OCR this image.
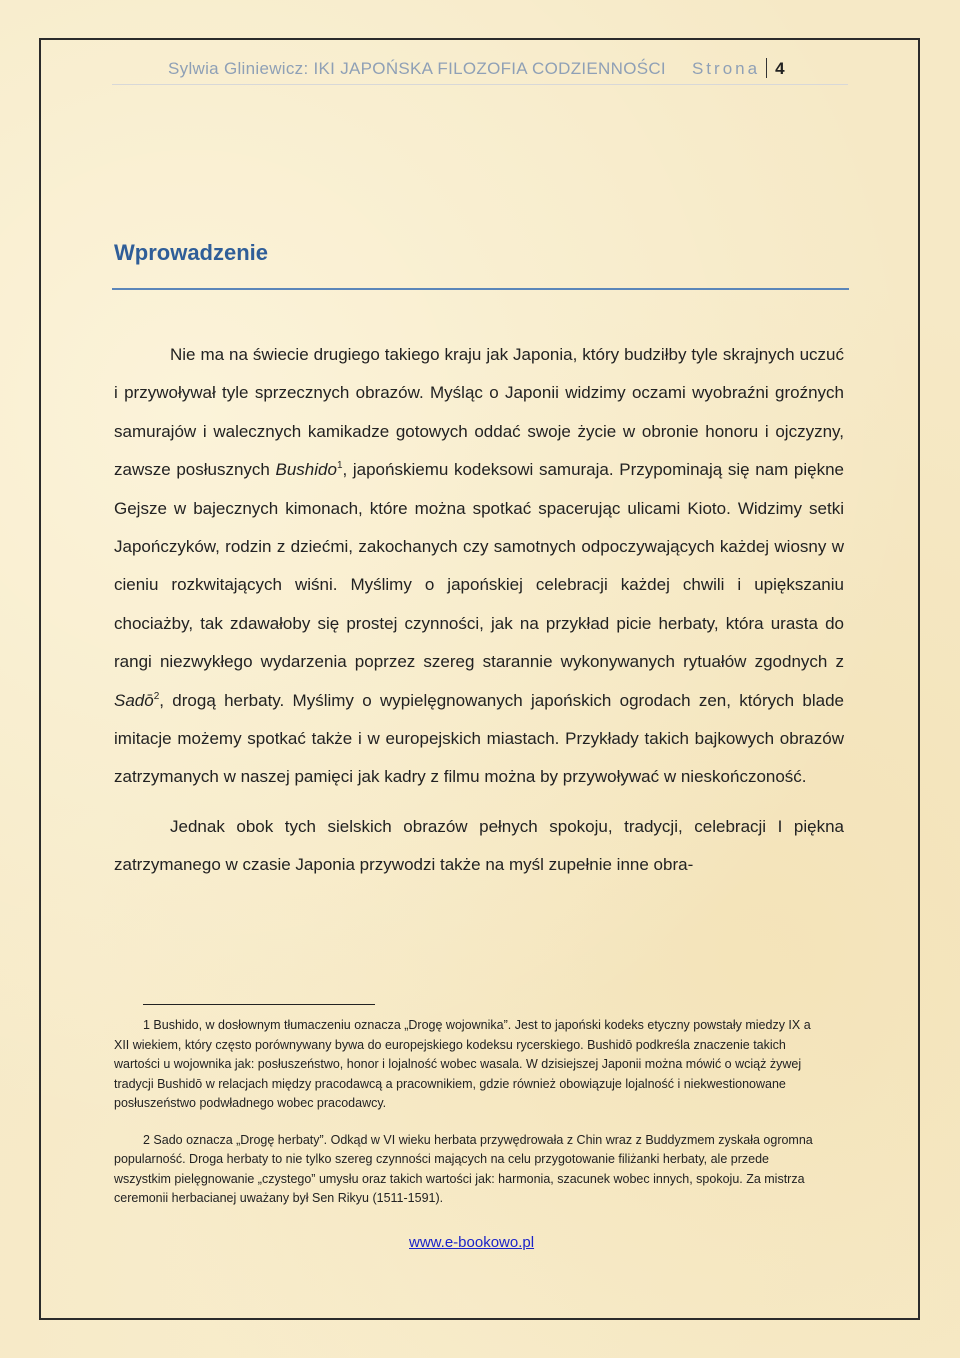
Sylwia Gliniewicz: IKI JAPOŃSKA FILOZOFIA CODZIENNOŚCI Strona 4
Wprowadzenie

Nie ma na świecie drugiego takiego kraju jak Japonia, który budziłby tyle skrajnych uczuć i przywoływał tyle sprzecznych obrazów. Myśląc o Japonii widzimy oczami wyobraźni groźnych samurajów i walecznych kamikadze gotowych oddać swoje życie w obronie honoru i ojczyzny, zawsze posłusznych Bushido$^1$, japońskiemu kodeksowi samuraja. Przypominają się nam piękne Gejsze w bajecznych kimonach, które można spotkać spacerując ulicami Kioto. Widzimy setki Japończyków, rodzin z dziećmi, zakochanych czy samotnych odpoczywających każdej wiosny w cieniu rozkwitających wiśni. Myślimy o japońskiej celebracji każdej chwili i upiększaniu chociażby, tak zdawałoby się prostej czynności, jak na przykład picie herbaty, która urasta do rangi niezwykłego wydarzenia poprzez szereg starannie wykonywanych rytuałów zgodnych z Sadō$^2$, drogą herbaty. Myślimy o wypielęgnowanych japońskich ogrodach zen, których blade imitacje możemy spotkać także i w europejskich miastach. Przykłady takich bajkowych obrazów zatrzymanych w naszej pamięci jak kadry z filmu można by przywoływać w nieskończoność.

Jednak obok tych sielskich obrazów pełnych spokoju, tradycji, celebracji I piękna zatrzymanego w czasie Japonia przywodzi także na myśl zupełnie inne obra-

1 Bushido, w dosłownym tłumaczeniu oznacza „Drogę wojownika”. Jest to japoński kodeks etyczny powstały miedzy IX a XII wiekiem, który często porównywany bywa do europejskiego kodeksu rycerskiego. Bushidō podkreśla znaczenie takich wartości u wojownika jak: posłuszeństwo, honor i lojalność wobec wasala. W dzisiejszej Japonii można mówić o wciąż żywej tradycji Bushidō w relacjach między pracodawcą a pracownikiem, gdzie również obowiązuje lojalność i niekwestionowane posłuszeństwo podwładnego wobec pracodawcy.

2 Sado oznacza „Drogę herbaty”. Odkąd w VI wieku herbata przywędrowała z Chin wraz z Buddyzmem zyskała ogromna popularność. Droga herbaty to nie tylko szereg czynności mających na celu przygotowanie filiżanki herbaty, ale przede wszystkim pielęgnowanie „czystego” umysłu oraz takich wartości jak: harmonia, szacunek wobec innych, spokoju. Za mistrza ceremonii herbacianej uważany był Sen Rikyu (1511-1591).

www.e-bookowo.pl
